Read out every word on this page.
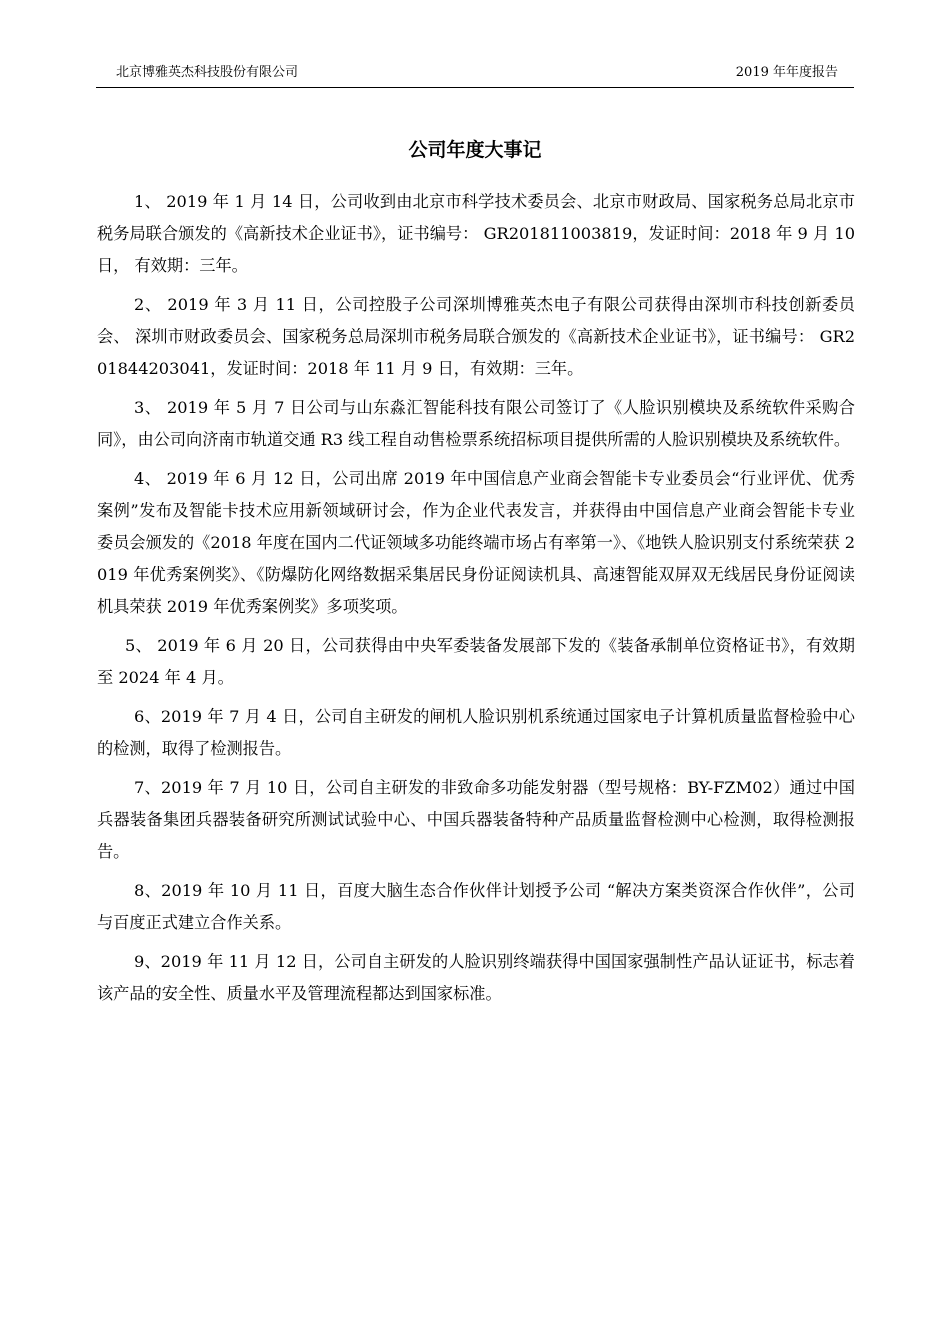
北京博雅英杰科技股份有限公司	2019 年年度报告
公司年度大事记

1、 2019 年 1 月 14 日，公司收到由北京市科学技术委员会、北京市财政局、国家税务总局北京市税务局联合颁发的《高新技术企业证书》，证书编号： GR201811003819，发证时间：2018 年 9 月 10 日， 有效期：三年。

2、 2019 年 3 月 11 日，公司控股子公司深圳博雅英杰电子有限公司获得由深圳市科技创新委员会、 深圳市财政委员会、国家税务总局深圳市税务局联合颁发的《高新技术企业证书》，证书编号： GR201844203041，发证时间：2018 年 11 月 9 日，有效期：三年。

3、 2019 年 5 月 7 日公司与山东淼汇智能科技有限公司签订了《人脸识别模块及系统软件采购合同》，由公司向济南市轨道交通 R3 线工程自动售检票系统招标项目提供所需的人脸识别模块及系统软件。

4、 2019 年 6 月 12 日，公司出席 2019 年中国信息产业商会智能卡专业委员会“行业评优、优秀案例”发布及智能卡技术应用新领域研讨会，作为企业代表发言，并获得由中国信息产业商会智能卡专业 委员会颁发的《2018 年度在国内二代证领域多功能终端市场占有率第一》、《地铁人脸识别支付系统荣获 2019 年优秀案例奖》、《防爆防化网络数据采集居民身份证阅读机具、高速智能双屏双无线居民身份证阅读机具荣获 2019 年优秀案例奖》多项奖项。

5、 2019 年 6 月 20 日，公司获得由中央军委装备发展部下发的《装备承制单位资格证书》，有效期至 2024 年 4 月。

6、2019 年 7 月 4 日，公司自主研发的闸机人脸识别机系统通过国家电子计算机质量监督检验中心的检测，取得了检测报告。

7、2019 年 7 月 10 日，公司自主研发的非致命多功能发射器（型号规格：BY-FZM02）通过中国兵器装备集团兵器装备研究所测试试验中心、中国兵器装备特种产品质量监督检测中心检测，取得检测报告。

8、2019 年 10 月 11 日，百度大脑生态合作伙伴计划授予公司 “解决方案类资深合作伙伴”，公司与百度正式建立合作关系。

9、2019 年 11 月 12 日，公司自主研发的人脸识别终端获得中国国家强制性产品认证证书，标志着该产品的安全性、质量水平及管理流程都达到国家标准。
